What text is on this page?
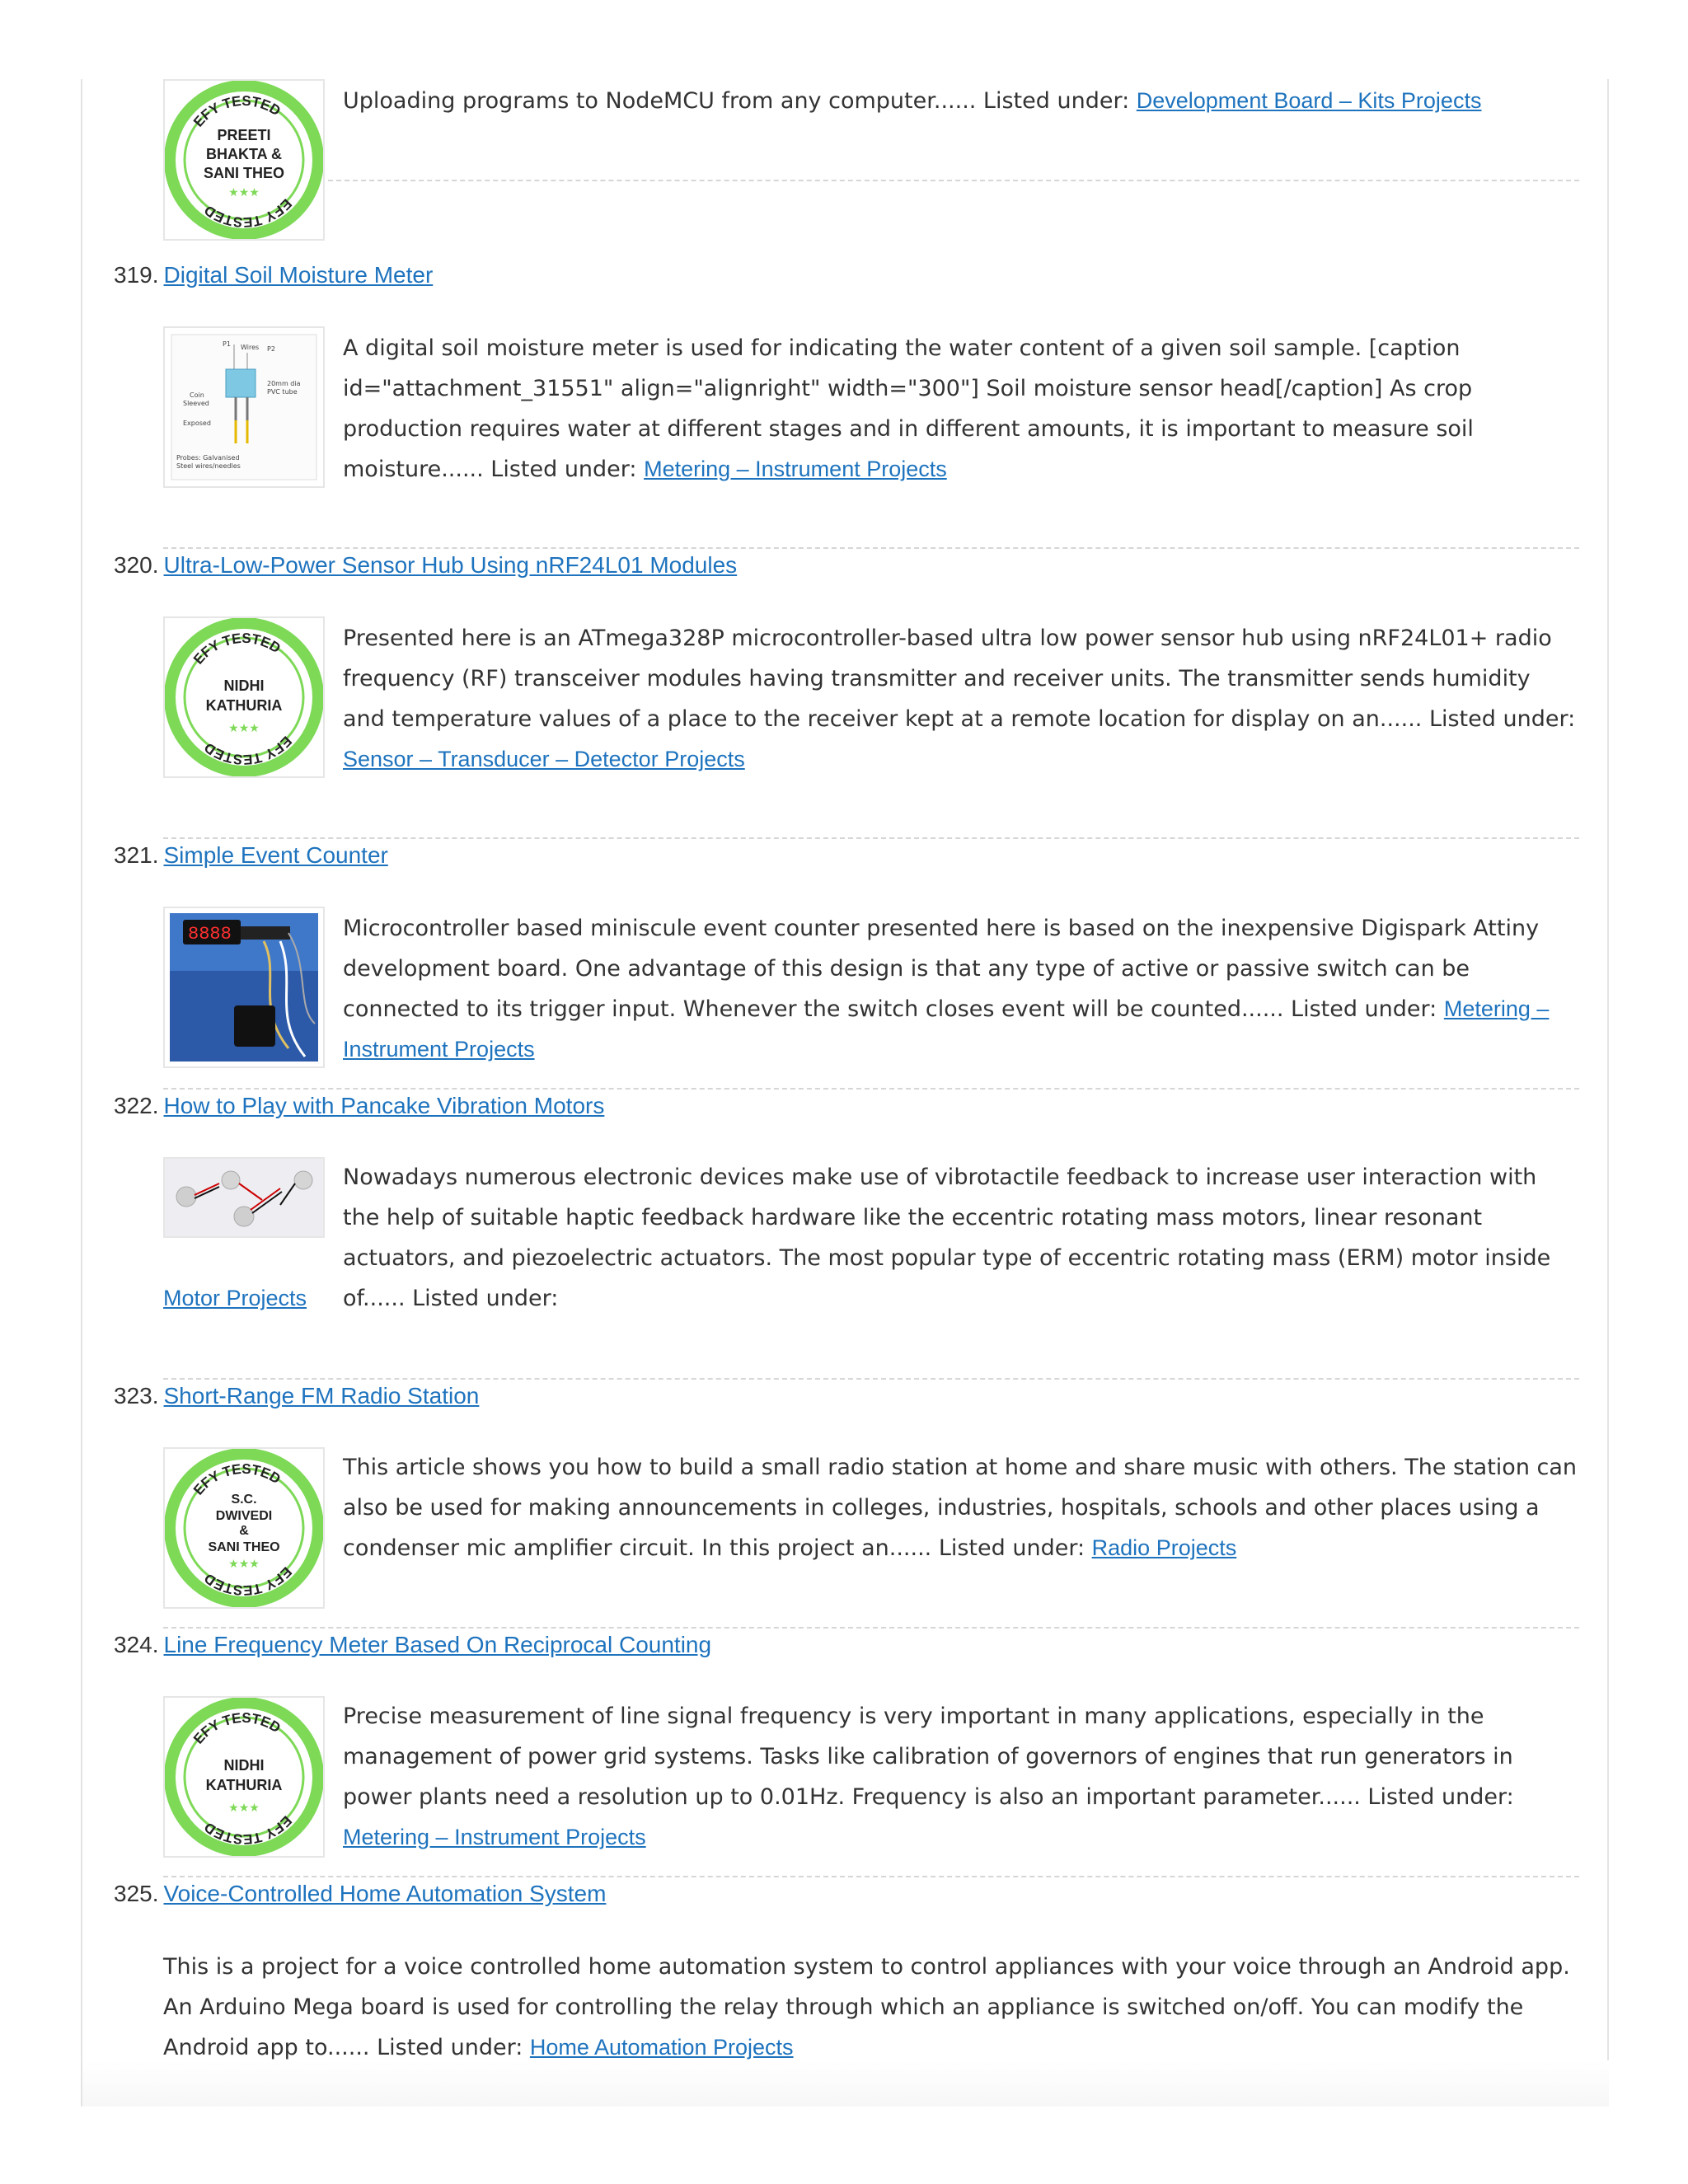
EFY TESTED
EFY TESTED
PREETI
BHAKTA &
SANI THEO
★★★
Uploading programs to NodeMCU from any computer...... Listed under: Development Board – Kits Projects
319. Digital Soil Moisture Meter
P1 Wires P2
20mm dia
PVC tube
Coin
Sleeved
Exposed
Probes: Galvanised
Steel wires/needles
A digital soil moisture meter is used for indicating the water content of a given soil sample. [caption id="attachment_31551" align="alignright" width="300"] Soil moisture sensor head[/caption] As crop production requires water at different stages and in different amounts, it is important to measure soil moisture...... Listed under: Metering – Instrument Projects
320. Ultra-Low-Power Sensor Hub Using nRF24L01 Modules
EFY TESTED
EFY TESTED
NIDHI
KATHURIA
★★★
Presented here is an ATmega328P microcontroller-based ultra low power sensor hub using nRF24L01+ radio frequency (RF) transceiver modules having transmitter and receiver units. The transmitter sends humidity and temperature values of a place to the receiver kept at a remote location for display on an...... Listed under: Sensor – Transducer – Detector Projects
321. Simple Event Counter
8888	Microcontroller based miniscule event counter presented here is based on the inexpensive Digispark Attiny development board. One advantage of this design is that any type of active or passive switch can be connected to its trigger input. Whenever the switch closes event will be counted...... Listed under: Metering – Instrument Projects
322. How to Play with Pancake Vibration Motors
Nowadays numerous electronic devices make use of vibrotactile feedback to increase user interaction with the help of suitable haptic feedback hardware like the eccentric rotating mass motors, linear resonant actuators, and piezoelectric actuators. The most popular type of eccentric rotating mass (ERM) motor inside of...... Listed under:
Motor Projects
323. Short-Range FM Radio Station
EFY TESTED
EFY TESTED
S.C.
DWIVEDI
&
SANI THEO
★★★
This article shows you how to build a small radio station at home and share music with others. The station can also be used for making announcements in colleges, industries, hospitals, schools and other places using a condenser mic amplifier circuit. In this project an...... Listed under: Radio Projects
324. Line Frequency Meter Based On Reciprocal Counting
EFY TESTED
EFY TESTED
NIDHI
KATHURIA
★★★
Precise measurement of line signal frequency is very important in many applications, especially in the management of power grid systems. Tasks like calibration of governors of engines that run generators in power plants need a resolution up to 0.01Hz. Frequency is also an important parameter...... Listed under: Metering – Instrument Projects
325. Voice-Controlled Home Automation System
This is a project for a voice controlled home automation system to control appliances with your voice through an Android app. An Arduino Mega board is used for controlling the relay through which an appliance is switched on/off. You can modify the Android app to...... Listed under: Home Automation Projects
